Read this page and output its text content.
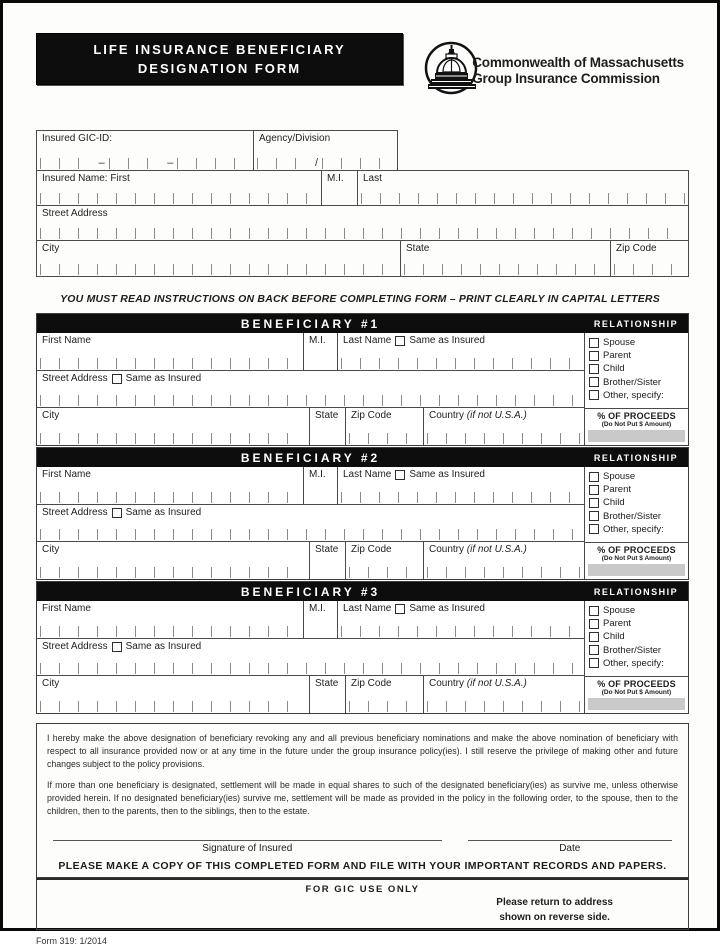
LIFE INSURANCE BENEFICIARY
DESIGNATION FORM	Commonwealth of Massachusetts
Group Insurance Commission
Insured GIC-ID:
–	–
Agency/Division
/
Insured Name: First	M.I.	Last
Street Address
City	State	Zip Code
YOU MUST READ INSTRUCTIONS ON BACK BEFORE COMPLETING FORM – PRINT CLEARLY IN CAPITAL LETTERS
BENEFICIARY #1	RELATIONSHIP
First Name	M.I.	Last Name Same as Insured
Street Address Same as Insured
City	State	Zip Code	Country (if not U.S.A.)
Spouse
Parent
Child
Brother/Sister
Other, specify:
% OF PROCEEDS
(Do Not Put $ Amount)
BENEFICIARY #2	RELATIONSHIP
First Name	M.I.	Last Name Same as Insured
Street Address Same as Insured
City	State	Zip Code	Country (if not U.S.A.)
Spouse
Parent
Child
Brother/Sister
Other, specify:
% OF PROCEEDS
(Do Not Put $ Amount)
BENEFICIARY #3	RELATIONSHIP
First Name	M.I.	Last Name Same as Insured
Street Address Same as Insured
City	State	Zip Code	Country (if not U.S.A.)
Spouse
Parent
Child
Brother/Sister
Other, specify:
% OF PROCEEDS
(Do Not Put $ Amount)

I hereby make the above designation of beneficiary revoking any and all previous beneficiary nominations and make the above nomination of beneficiary with respect to all insurance provided now or at any time in the future under the group insurance policy(ies). I still reserve the privilege of making other and future changes subject to the policy provisions.

If more than one beneficiary is designated, settlement will be made in equal shares to such of the designated beneficiary(ies) as survive me, unless otherwise provided herein. If no designated beneficiary(ies) survive me, settlement will be made as provided in the policy in the following order, to the spouse, then to the children, then to the parents, then to the siblings, then to the estate.

Signature of Insured	Date
PLEASE MAKE A COPY OF THIS COMPLETED FORM AND FILE WITH YOUR IMPORTANT RECORDS AND PAPERS.
FOR GIC USE ONLY
Please return to address
shown on reverse side.
Form 319: 1/2014
